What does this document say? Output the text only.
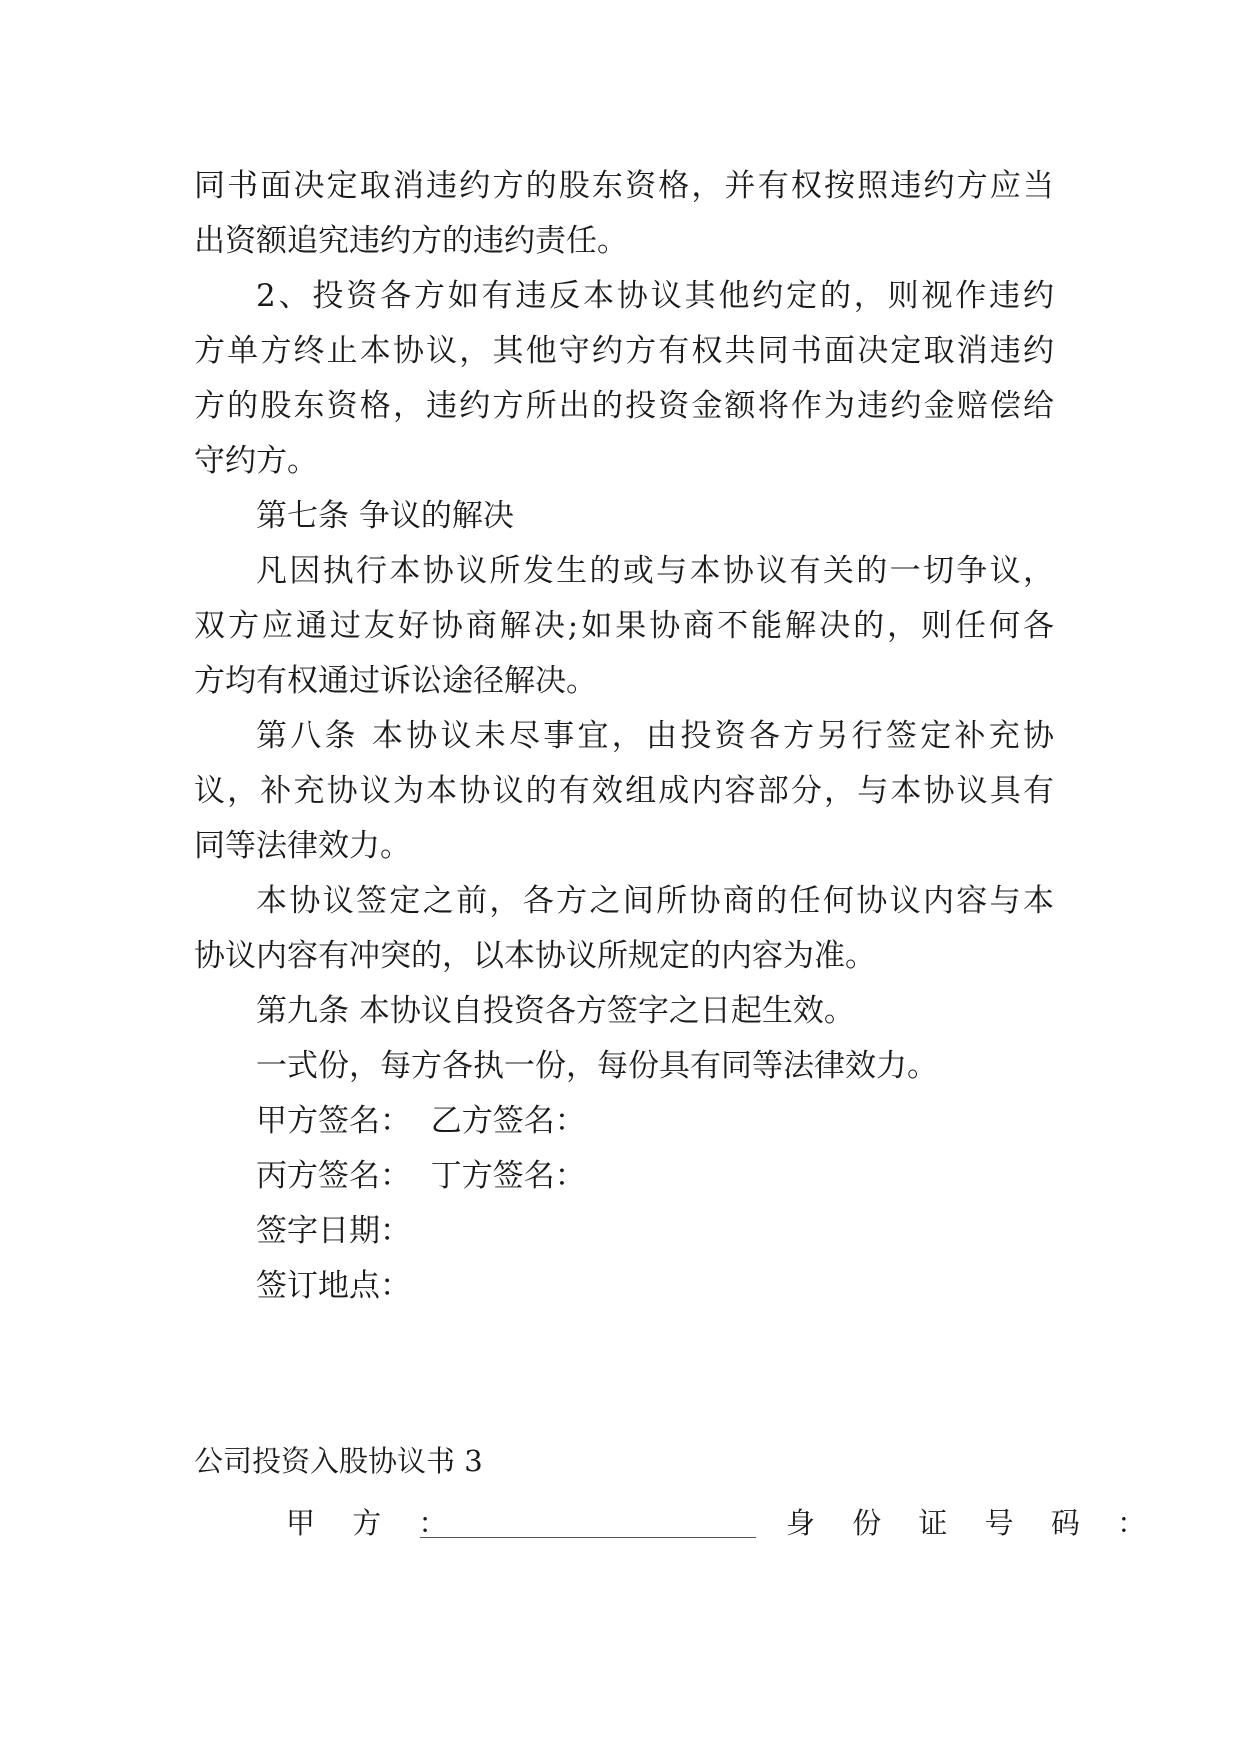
同书面决定取消违约方的股东资格，并有权按照违约方应当
出资额追究违约方的违约责任。
2、投资各方如有违反本协议其他约定的，则视作违约
方单方终止本协议，其他守约方有权共同书面决定取消违约
方的股东资格，违约方所出的投资金额将作为违约金赔偿给
守约方。
第七条 争议的解决
凡因执行本协议所发生的或与本协议有关的一切争议，
双方应通过友好协商解决;如果协商不能解决的，则任何各
方均有权通过诉讼途径解决。
第八条 本协议未尽事宜，由投资各方另行签定补充协
议，补充协议为本协议的有效组成内容部分，与本协议具有
同等法律效力。
本协议签定之前，各方之间所协商的任何协议内容与本
协议内容有冲突的，以本协议所规定的内容为准。
第九条 本协议自投资各方签字之日起生效。
一式份，每方各执一份，每份具有同等法律效力。
甲方签名：  乙方签名：
丙方签名：  丁方签名：
签字日期：
签订地点：
公司投资入股协议书 3
甲 方 ：	身 份 证 号 码 ：
